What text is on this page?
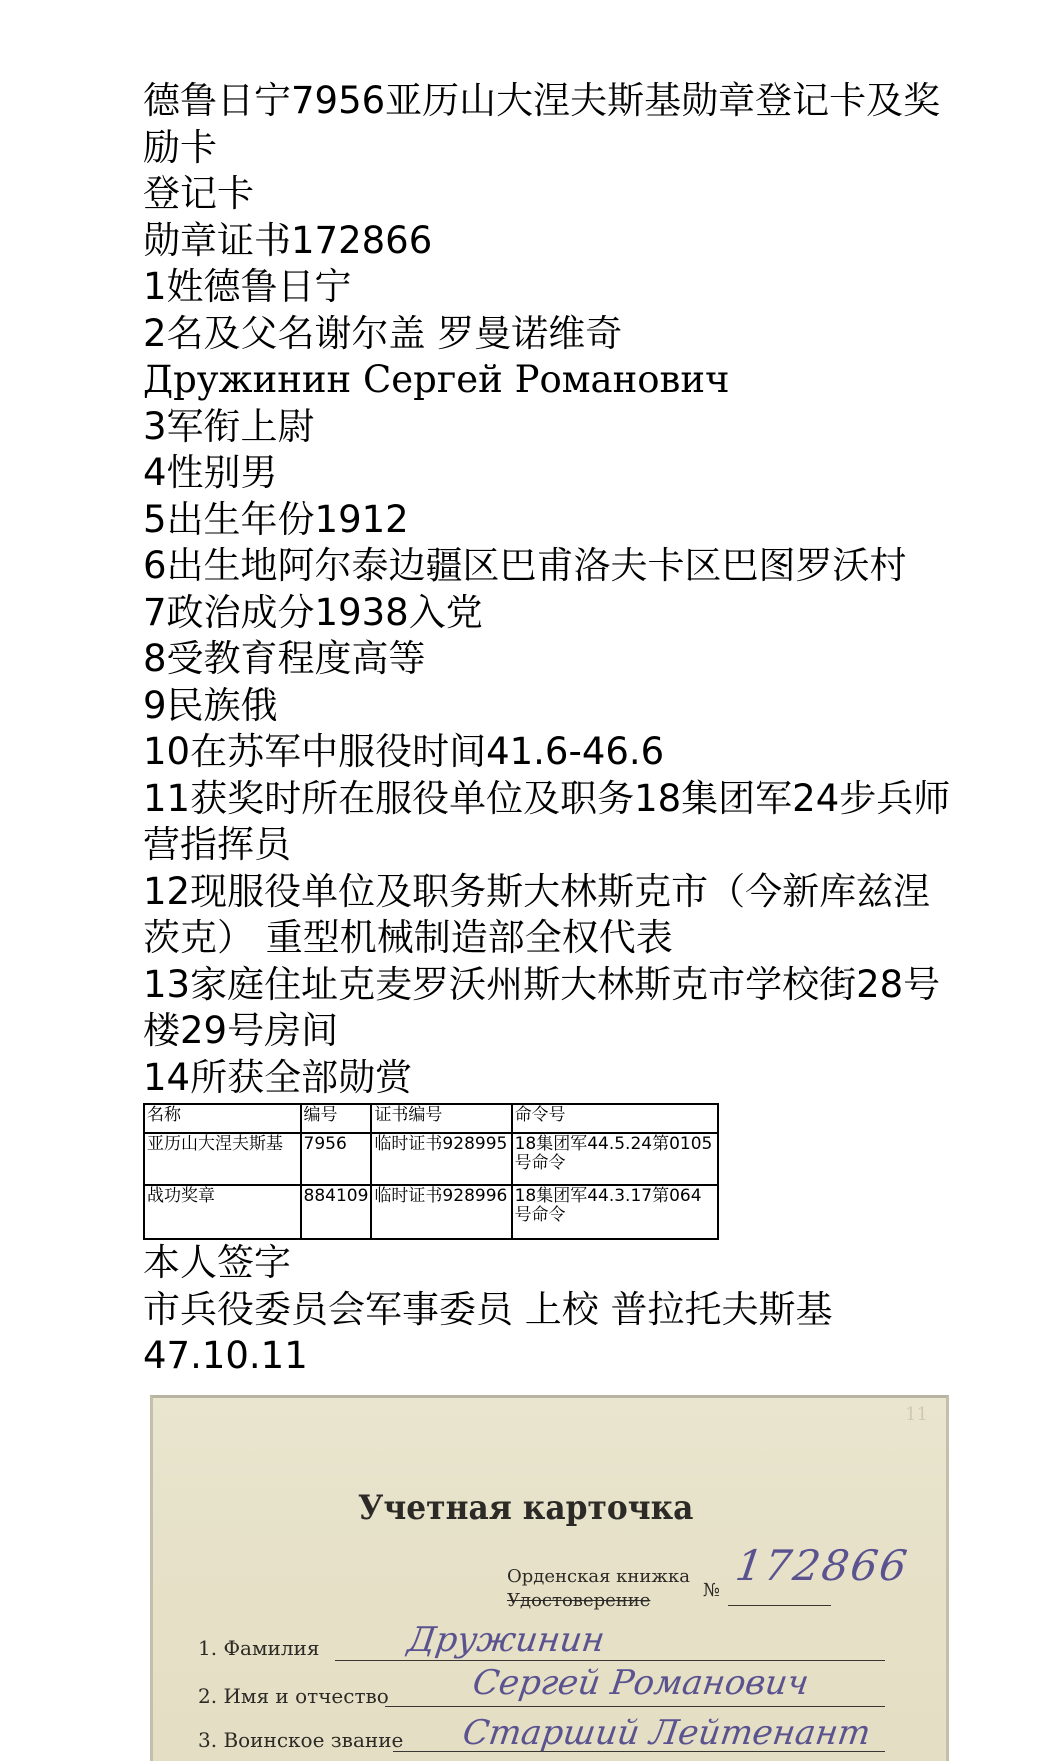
德鲁日宁7956亚历山大涅夫斯基勋章登记卡及奖励卡
登记卡
勋章证书172866
1姓德鲁日宁
2名及父名谢尔盖 罗曼诺维奇
Дружинин Сергей Романович
3军衔上尉
4性别男
5出生年份1912
6出生地阿尔泰边疆区巴甫洛夫卡区巴图罗沃村
7政治成分1938入党
8受教育程度高等
9民族俄
10在苏军中服役时间41.6-46.6
11获奖时所在服役单位及职务18集团军24步兵师营指挥员
12现服役单位及职务斯大林斯克市（今新库兹涅茨克） 重型机械制造部全权代表
13家庭住址克麦罗沃州斯大林斯克市学校街28号楼29号房间
14所获全部勋赏
名称	编号	证书编号	命令号
亚历山大涅夫斯基	7956	临时证书928995	18集团军44.5.24第0105号命令
战功奖章	884109	临时证书928996	18集团军44.3.17第064号命令
本人签字
市兵役委员会军事委员 上校 普拉托夫斯基
47.10.11
11
Учетная карточка
Орденская книжка
Удостоверение	№
172866
1. Фамилия	Дружинин
2. Имя и отчество Сергей Романович
3. Воинское звание Старший Лейтенант
